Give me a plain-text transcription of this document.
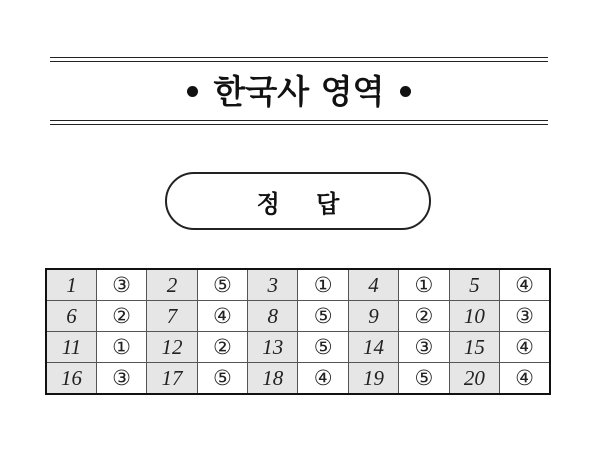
한국사 영역
정 답
1	③	2	⑤	3	①	4	①	5	④
6	②	7	④	8	⑤	9	②	10	③
11	①	12	②	13	⑤	14	③	15	④
16	③	17	⑤	18	④	19	⑤	20	④
